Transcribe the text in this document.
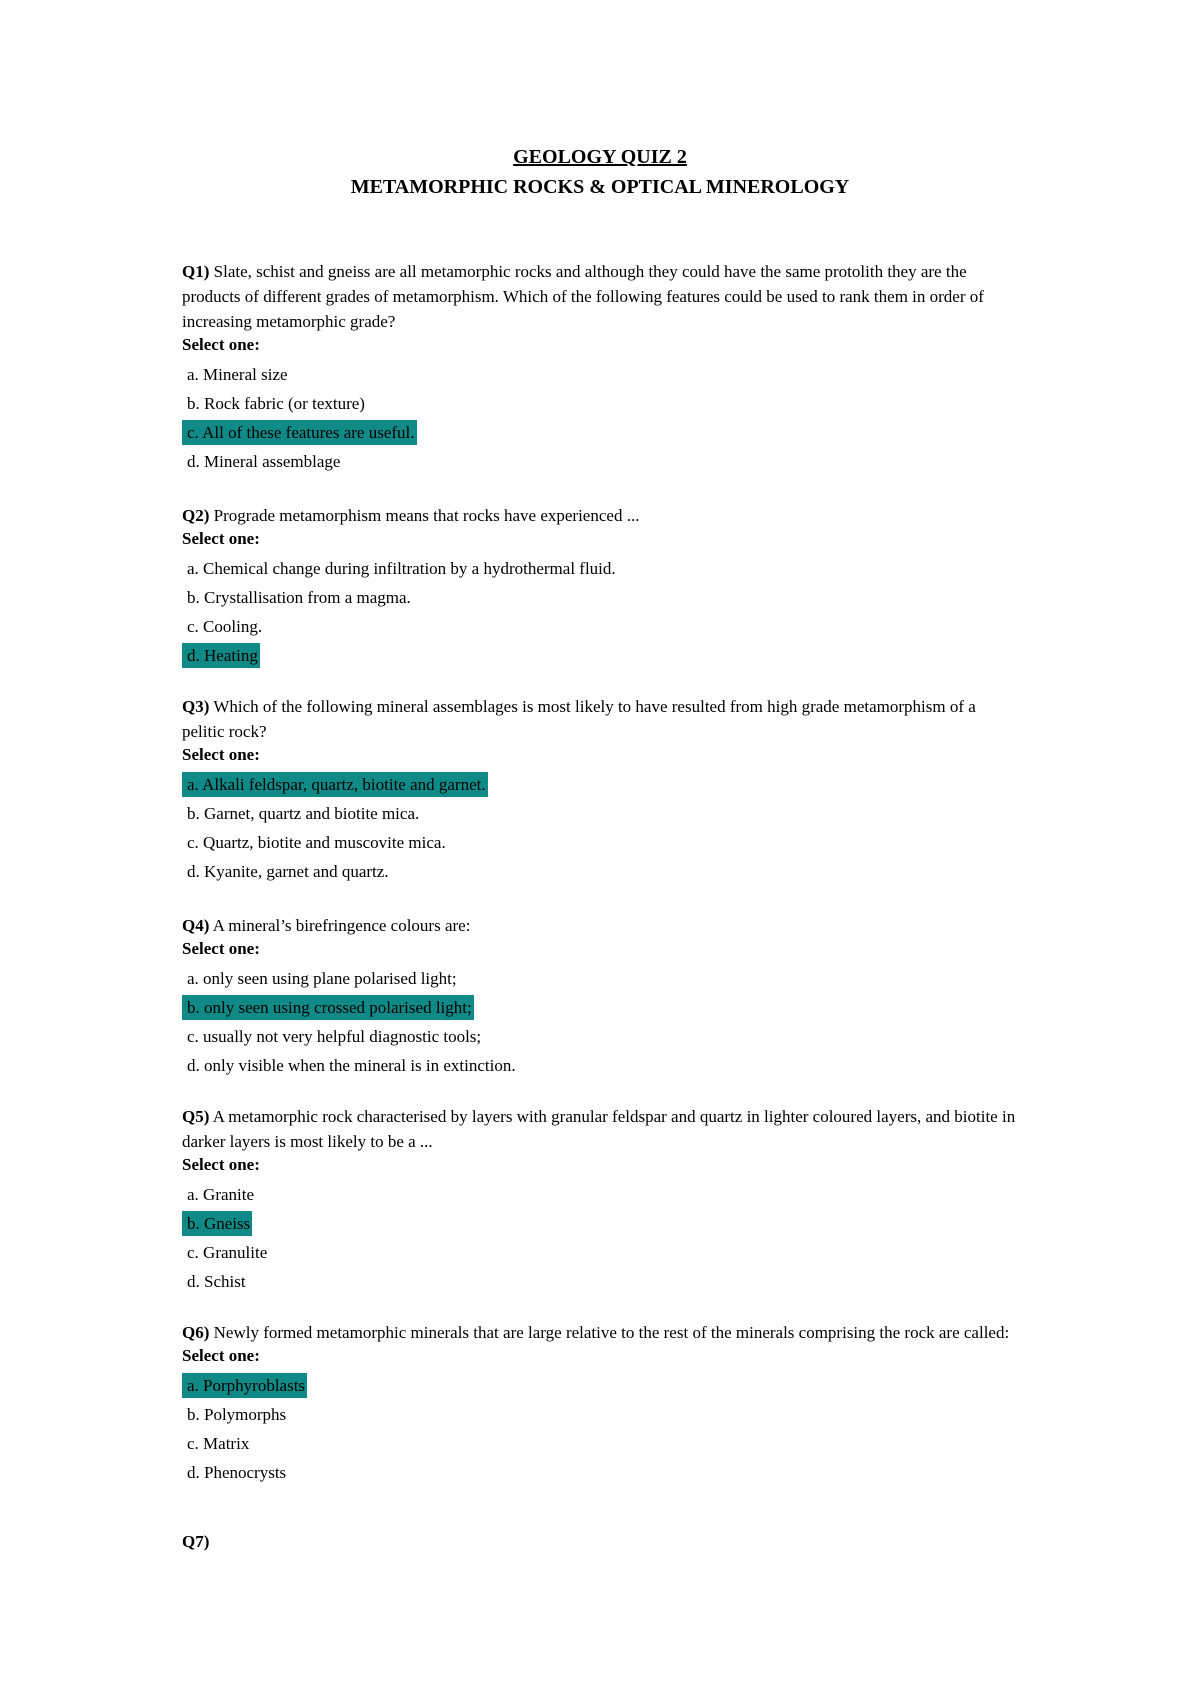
GEOLOGY QUIZ 2
METAMORPHIC ROCKS & OPTICAL MINEROLOGY

Q1) Slate, schist and gneiss are all metamorphic rocks and although they could have the same protolith they are the products of different grades of metamorphism. Which of the following features could be used to rank them in order of increasing metamorphic grade?

Select one:

a. Mineral size
b. Rock fabric (or texture)
c. All of these features are useful.
d. Mineral assemblage

Q2) Prograde metamorphism means that rocks have experienced ...

Select one:

a. Chemical change during infiltration by a hydrothermal fluid.
b. Crystallisation from a magma.
c. Cooling.
d. Heating

Q3) Which of the following mineral assemblages is most likely to have resulted from high grade metamorphism of a pelitic rock?

Select one:

a. Alkali feldspar, quartz, biotite and garnet.
b. Garnet, quartz and biotite mica.
c. Quartz, biotite and muscovite mica.
d. Kyanite, garnet and quartz.

Q4) A mineral’s birefringence colours are:

Select one:

a. only seen using plane polarised light;
b. only seen using crossed polarised light;
c. usually not very helpful diagnostic tools;
d. only visible when the mineral is in extinction.

Q5) A metamorphic rock characterised by layers with granular feldspar and quartz in lighter coloured layers, and biotite in darker layers is most likely to be a ...

Select one:

a. Granite
b. Gneiss
c. Granulite
d. Schist

Q6) Newly formed metamorphic minerals that are large relative to the rest of the minerals comprising the rock are called:

Select one:

a. Porphyroblasts
b. Polymorphs
c. Matrix
d. Phenocrysts
Q7)
